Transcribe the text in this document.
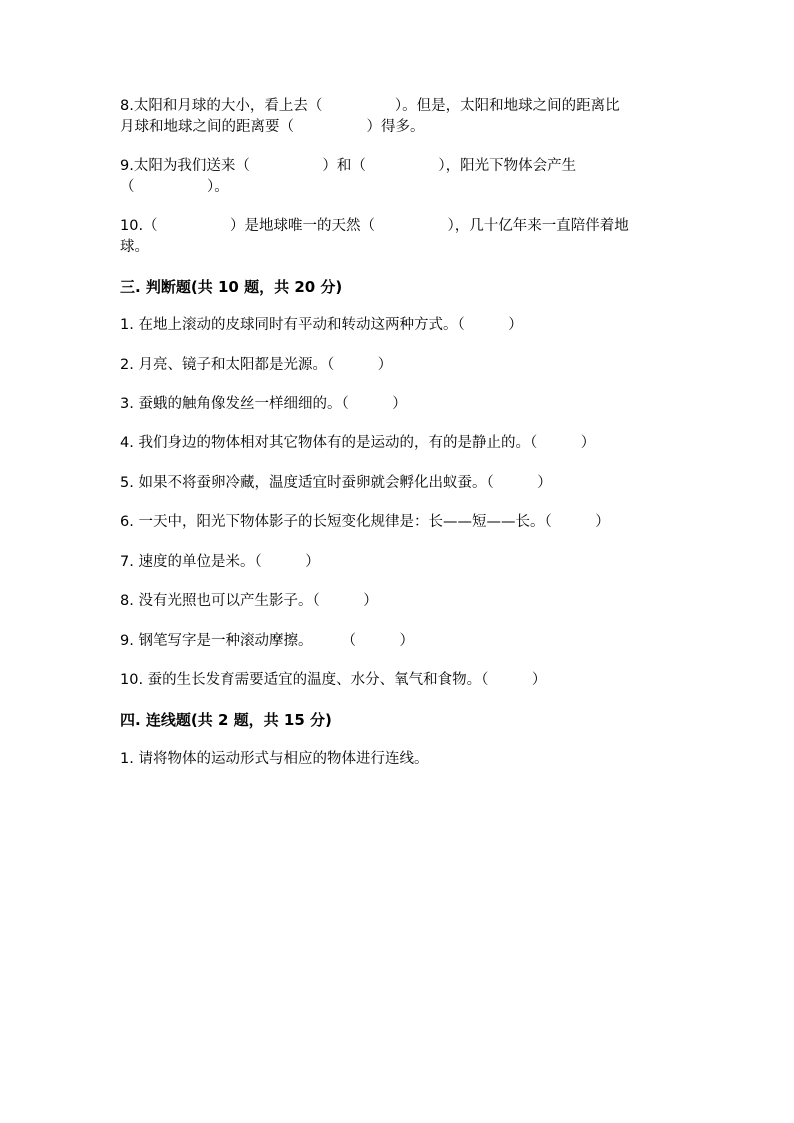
8.太阳和月球的大小，看上去（　　　　　）。但是，太阳和地球之间的距离比
月球和地球之间的距离要（　　　　　）得多。
9.太阳为我们送来（　　　　　）和（　　　　　），阳光下物体会产生
（　　　　　）。
10.（　　　　　）是地球唯一的天然（　　　　　），几十亿年来一直陪伴着地
球。
三. 判断题(共 10 题，共 20 分)
1. 在地上滚动的皮球同时有平动和转动这两种方式。（　　　）
2. 月亮、镜子和太阳都是光源。（　　　）
3. 蚕蛾的触角像发丝一样细细的。（　　　）
4. 我们身边的物体相对其它物体有的是运动的，有的是静止的。（　　　）
5. 如果不将蚕卵冷藏，温度适宜时蚕卵就会孵化出蚁蚕。（　　　）
6. 一天中，阳光下物体影子的长短变化规律是：长——短——长。（　　　）
7. 速度的单位是米。（　　　）
8. 没有光照也可以产生影子。（　　　）
9. 钢笔写字是一种滚动摩擦。　　　（　　　）
10. 蚕的生长发育需要适宜的温度、水分、氧气和食物。（　　　）
四. 连线题(共 2 题，共 15 分)
1. 请将物体的运动形式与相应的物体进行连线。
